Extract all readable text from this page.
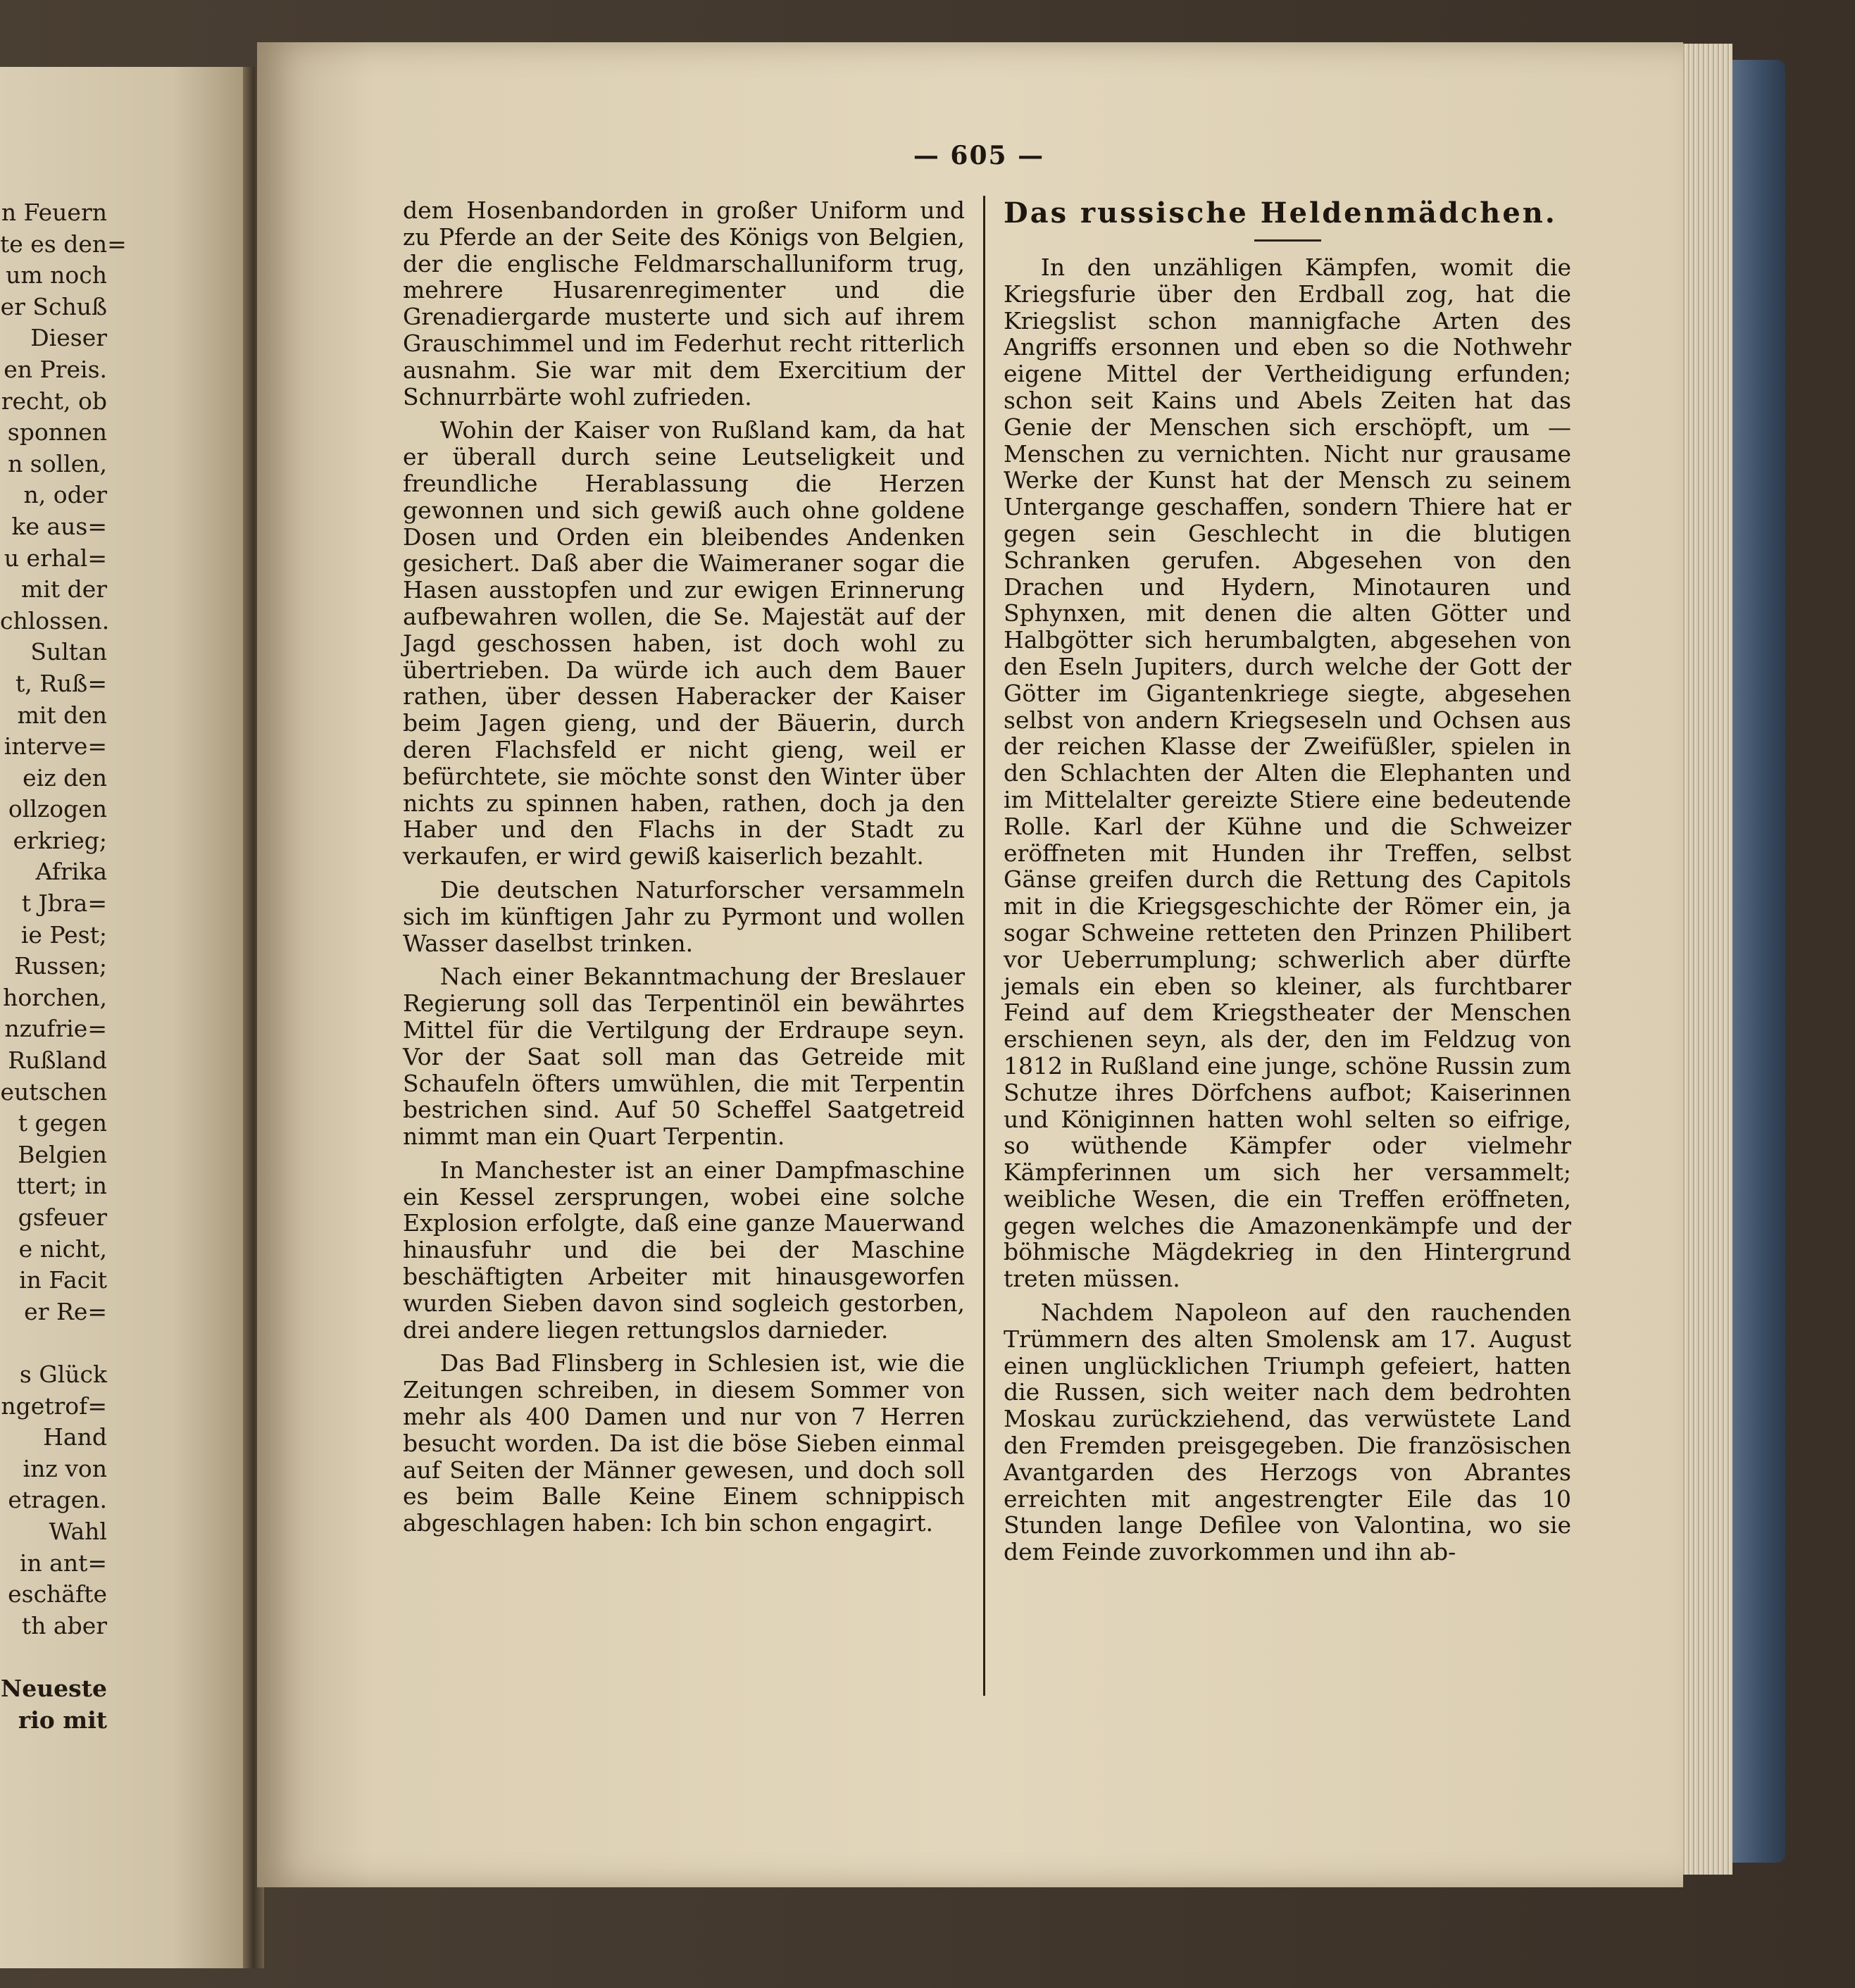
n Feuern
te es den=
um noch
er Schuß
Dieser
en Preis.
recht, ob
sponnen
n sollen,
n, oder
ke aus=
u erhal=
mit der
chlossen.
Sultan
t, Ruß=
mit den
interve=
eiz den
ollzogen
erkrieg;
Afrika
t Jbra=
ie Pest;
Russen;
horchen,
nzufrie=
Rußland
eutschen
t gegen
Belgien
ttert; in
gsfeuer
e nicht,
in Facit
er Re=
s Glück
ngetrof=
Hand
inz von
etragen.
Wahl
in ant=
eschäfte
th aber
Neueste
rio mit
— 605 —

dem Hosenbandorden in großer Uniform und zu Pferde an der Seite des Königs von Belgien, der die englische Feldmarschalluniform trug, mehrere Husarenregimenter und die Grenadiergarde musterte und sich auf ihrem Grauschimmel und im Federhut recht ritterlich ausnahm. Sie war mit dem Exercitium der Schnurrbärte wohl zufrieden.

Wohin der Kaiser von Rußland kam, da hat er überall durch seine Leutseligkeit und freundliche Herablassung die Herzen gewonnen und sich gewiß auch ohne goldene Dosen und Orden ein bleibendes Andenken gesichert. Daß aber die Waimeraner sogar die Hasen ausstopfen und zur ewigen Erinnerung aufbewahren wollen, die Se. Majestät auf der Jagd geschossen haben, ist doch wohl zu übertrieben. Da würde ich auch dem Bauer rathen, über dessen Haberacker der Kaiser beim Jagen gieng, und der Bäuerin, durch deren Flachsfeld er nicht gieng, weil er befürchtete, sie möchte sonst den Winter über nichts zu spinnen haben, rathen, doch ja den Haber und den Flachs in der Stadt zu verkaufen, er wird gewiß kaiserlich bezahlt.

Die deutschen Naturforscher versammeln sich im künftigen Jahr zu Pyrmont und wollen Wasser daselbst trinken.

Nach einer Bekanntmachung der Breslauer Regierung soll das Terpentinöl ein bewährtes Mittel für die Vertilgung der Erdraupe seyn. Vor der Saat soll man das Getreide mit Schaufeln öfters umwühlen, die mit Terpentin bestrichen sind. Auf 50 Scheffel Saatgetreid nimmt man ein Quart Terpentin.

In Manchester ist an einer Dampfmaschine ein Kessel zersprungen, wobei eine solche Explosion erfolgte, daß eine ganze Mauerwand hinausfuhr und die bei der Maschine beschäftigten Arbeiter mit hinausgeworfen wurden Sieben davon sind sogleich gestorben, drei andere liegen rettungslos darnieder.

Das Bad Flinsberg in Schlesien ist, wie die Zeitungen schreiben, in diesem Sommer von mehr als 400 Damen und nur von 7 Herren besucht worden. Da ist die böse Sieben einmal auf Seiten der Männer gewesen, und doch soll es beim Balle Keine Einem schnippisch abgeschlagen haben: Ich bin schon engagirt.

Das russische Heldenmädchen.

In den unzähligen Kämpfen, womit die Kriegsfurie über den Erdball zog, hat die Kriegslist schon mannigfache Arten des Angriffs ersonnen und eben so die Nothwehr eigene Mittel der Vertheidigung erfunden; schon seit Kains und Abels Zeiten hat das Genie der Menschen sich erschöpft, um — Menschen zu vernichten. Nicht nur grausame Werke der Kunst hat der Mensch zu seinem Untergange geschaffen, sondern Thiere hat er gegen sein Geschlecht in die blutigen Schranken gerufen. Abgesehen von den Drachen und Hydern, Minotauren und Sphynxen, mit denen die alten Götter und Halbgötter sich herumbalgten, abgesehen von den Eseln Jupiters, durch welche der Gott der Götter im Gigantenkriege siegte, abgesehen selbst von andern Kriegseseln und Ochsen aus der reichen Klasse der Zweifüßler, spielen in den Schlachten der Alten die Elephanten und im Mittelalter gereizte Stiere eine bedeutende Rolle. Karl der Kühne und die Schweizer eröffneten mit Hunden ihr Treffen, selbst Gänse greifen durch die Rettung des Capitols mit in die Kriegsgeschichte der Römer ein, ja sogar Schweine retteten den Prinzen Philibert vor Ueberrumplung; schwerlich aber dürfte jemals ein eben so kleiner, als furchtbarer Feind auf dem Kriegstheater der Menschen erschienen seyn, als der, den im Feldzug von 1812 in Rußland eine junge, schöne Russin zum Schutze ihres Dörfchens aufbot; Kaiserinnen und Königinnen hatten wohl selten so eifrige, so wüthende Kämpfer oder vielmehr Kämpferinnen um sich her versammelt; weibliche Wesen, die ein Treffen eröffneten, gegen welches die Amazonenkämpfe und der böhmische Mägdekrieg in den Hintergrund treten müssen.

Nachdem Napoleon auf den rauchenden Trümmern des alten Smolensk am 17. August einen unglücklichen Triumph gefeiert, hatten die Russen, sich weiter nach dem bedrohten Moskau zurückziehend, das verwüstete Land den Fremden preisgegeben. Die französischen Avantgarden des Herzogs von Abrantes erreichten mit angestrengter Eile das 10 Stunden lange Defilee von Valontina, wo sie dem Feinde zuvorkommen und ihn ab-
